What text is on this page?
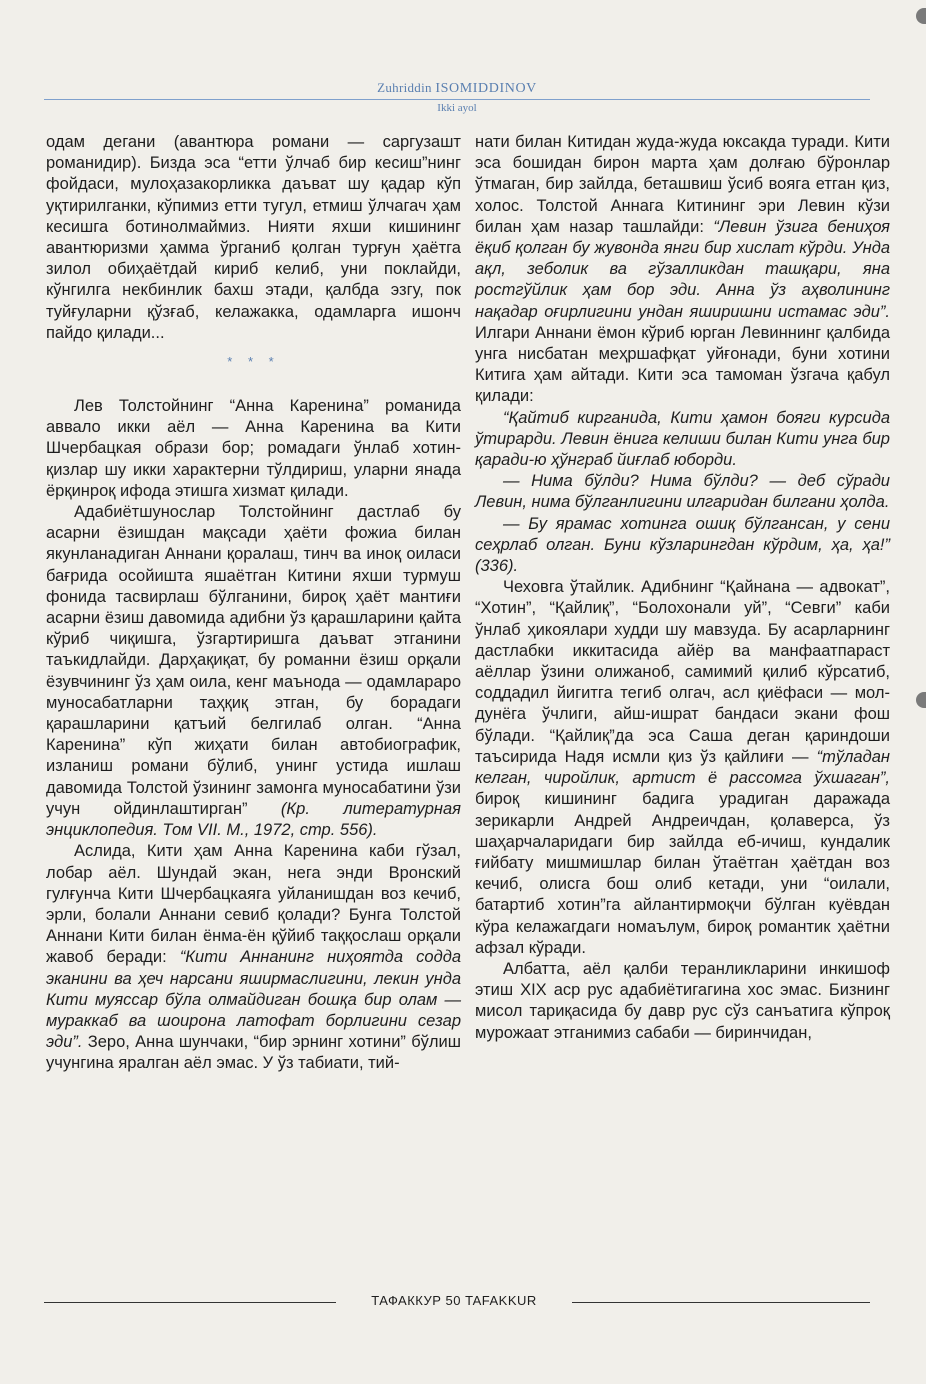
Zuhriddin ISOMIDDINOV
Ikki ayol

одам дегани (авантюра романи — саргузашт романидир). Бизда эса “етти ўлчаб бир кесиш”нинг фойдаси, мулоҳазакорликка даъват шу қадар кўп уқтирилганки, кўпимиз етти тугул, етмиш ўлчагач ҳам кесишга ботинолмаймиз. Нияти яхши кишининг авантюризми ҳамма ўрганиб қолган турғун ҳаётга зилол обиҳаётдай кириб келиб, уни поклайди, кўнгилга некбинлик бахш этади, қалбда эзгу, пок туйғуларни қўзғаб, келажакка, одамларга ишонч пайдо қилади...

* * *

Лев Толстойнинг “Анна Каренина” романида аввало икки аёл — Анна Каренина ва Кити Шчербацкая образи бор; ромадаги ўнлаб хотин-қизлар шу икки характерни тўлдириш, уларни янада ёрқинроқ ифода этишга хизмат қилади.

Адабиётшунослар Толстойнинг дастлаб бу асарни ёзишдан мақсади ҳаёти фожиа билан якунланадиган Аннани қоралаш, тинч ва иноқ оиласи бағрида осойишта яшаётган Китини яхши турмуш фонида тасвирлаш бўлганини, бироқ ҳаёт мантиғи асарни ёзиш давомида адибни ўз қарашларини қайта кўриб чиқишга, ўзгартиришга даъват этганини таъкидлайди. Дарҳақиқат, бу романни ёзиш орқали ёзувчининг ўз ҳам оила, кенг маънода — одамлараро муносабатларни таҳқиқ этган, бу борадаги қарашларини қатъий белгилаб олган. “Анна Каренина” кўп жиҳати билан автобиографик, изланиш романи бўлиб, унинг устида ишлаш давомида Толстой ўзининг замонга муносабатини ўзи учун ойдинлаштирган” (Кр. литературная энциклопедия. Том VII. М., 1972, стр. 556).

Аслида, Кити ҳам Анна Каренина каби гўзал, лобар аёл. Шундай экан, нега энди Вронский гулғунча Кити Шчербацкаяга уйланишдан воз кечиб, эрли, болали Аннани севиб қолади? Бунга Толстой Аннани Кити билан ёнма-ён қўйиб таққослаш орқали жавоб беради: “Кити Аннанинг ниҳоятда содда эканини ва ҳеч нарсани яширмаслигини, лекин унда Кити муяссар бўла олмайдиган бошқа бир олам — мураккаб ва шоирона латофат борлигини сезар эди”. Зеро, Анна шунчаки, “бир эрнинг хотини” бўлиш учунгина яралган аёл эмас. У ўз табиати, тий-

нати билан Китидан жуда-жуда юксакда туради. Кити эса бошидан бирон марта ҳам долғаю бўронлар ўтмаган, бир зайлда, беташвиш ўсиб вояга етган қиз, холос. Толстой Аннага Китининг эри Левин кўзи билан ҳам назар ташлайди: “Левин ўзига бениҳоя ёқиб қолган бу жувонда янги бир хислат кўрди. Унда ақл, зеболик ва гўзалликдан ташқари, яна ростгўйлик ҳам бор эди. Анна ўз аҳволининг нақадар оғирлигини ундан яширишни истамас эди”. Илгари Аннани ёмон кўриб юрган Левиннинг қалбида унга нисбатан меҳршафқат уйғонади, буни хотини Китига ҳам айтади. Кити эса тамоман ўзгача қабул қилади:

“Қайтиб кирганида, Кити ҳамон бояги курсида ўтирарди. Левин ёнига келиши билан Кити унга бир қаради-ю ҳўнграб йиғлаб юборди.

— Нима бўлди? Нима бўлди? — деб сўради Левин, нима бўлганлигини илгаридан билгани ҳолда.

— Бу ярамас хотинга ошиқ бўлгансан, у сени сеҳрлаб олган. Буни кўзларингдан кўрдим, ҳа, ҳа!” (336).

Чеховга ўтайлик. Адибнинг “Қайнана — адвокат”, “Хотин”, “Қайлиқ”, “Болохонали уй”, “Севги” каби ўнлаб ҳикоялари худди шу мавзуда. Бу асарларнинг дастлабки иккитасида айёр ва манфаатпараст аёллар ўзини олижаноб, самимий қилиб кўрсатиб, соддадил йигитга тегиб олгач, асл қиёфаси — мол-дунёга ўчлиги, айш-ишрат бандаси экани фош бўлади. “Қайлиқ”да эса Саша деган қариндоши таъсирида Надя исмли қиз ўз қайлиғи — “тўладан келган, чиройлик, артист ё рассомга ўхшаган”, бироқ кишининг бадига урадиган даражада зерикарли Андрей Андреичдан, қолаверса, ўз шаҳарчаларидаги бир зайлда еб-ичиш, кундалик ғийбату мишмишлар билан ўтаётган ҳаётдан воз кечиб, олисга бош олиб кетади, уни “оилали, батартиб хотин”га айлантирмоқчи бўлган куёвдан кўра келажагдаги номаълум, бироқ романтик ҳаётни афзал кўради.

Албатта, аёл қалби теранликларини инкишоф этиш XIX аср рус адабиётигагина хос эмас. Бизнинг мисол тариқасида бу давр рус сўз санъатига кўпроқ мурожаат этганимиз сабаби — биринчидан,

ТАФАККУР 50 TAFAKKUR
